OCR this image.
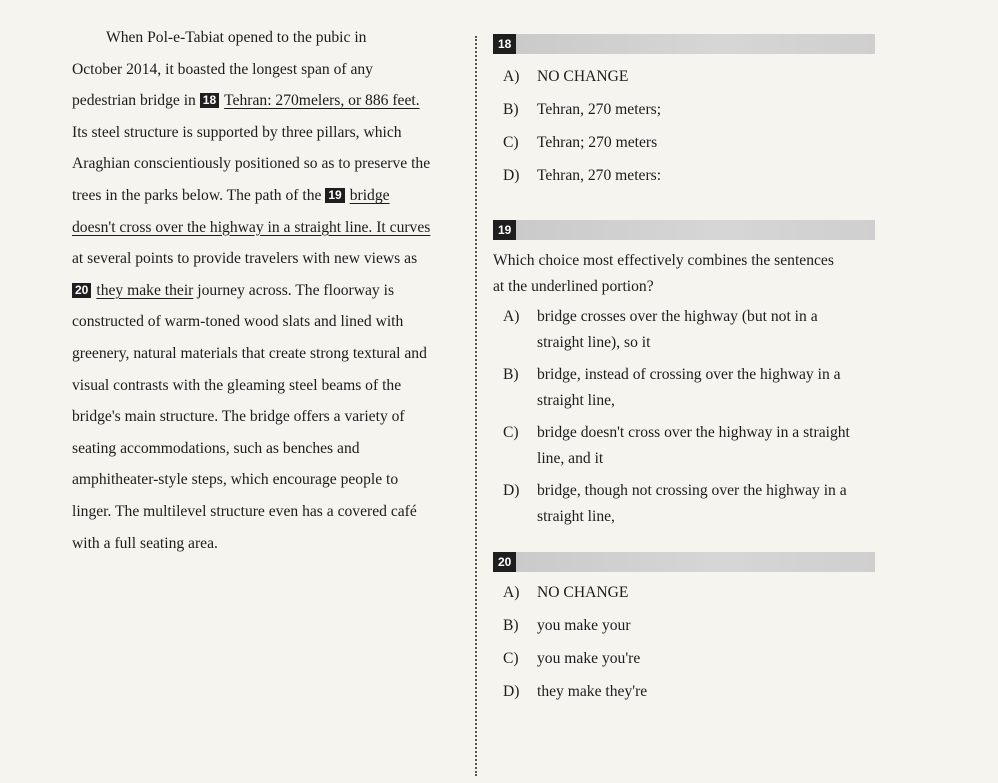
When Pol-e-Tabiat opened to the pubic in
October 2014, it boasted the longest span of any
pedestrian bridge in 18 Tehran: 270melers, or 886 feet.
Its steel structure is supported by three pillars, which
Araghian conscientiously positioned so as to preserve the
trees in the parks below. The path of the 19 bridge
doesn't cross over the highway in a straight line. It curves
at several points to provide travelers with new views as
20 they make their journey across. The floorway is
constructed of warm-toned wood slats and lined with
greenery, natural materials that create strong textural and
visual contrasts with the gleaming steel beams of the
bridge's main structure. The bridge offers a variety of
seating accommodations, such as benches and
amphitheater-style steps, which encourage people to
linger. The multilevel structure even has a covered café
with a full seating area.
18
A)	NO CHANGE
B)	Tehran, 270 meters;
C)	Tehran; 270 meters
D)	Tehran, 270 meters:
19
Which choice most effectively combines the sentences
at the underlined portion?
A)	bridge crosses over the highway (but not in a
straight line), so it
B)	bridge, instead of crossing over the highway in a
straight line,
C)	bridge doesn't cross over the highway in a straight
line, and it
D)	bridge, though not crossing over the highway in a
straight line,
20
A)	NO CHANGE
B)	you make your
C)	you make you're
D)	they make they're
